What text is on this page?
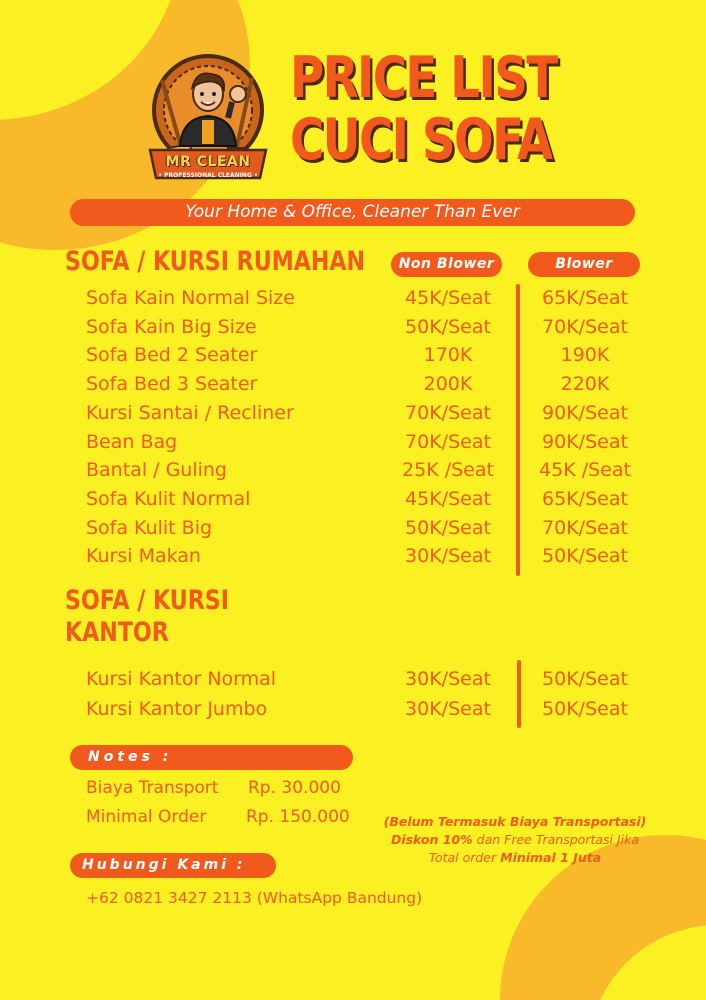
MR CLEAN
• PROFESSIONAL CLEANING •
PRICE LIST
CUCI SOFA
Your Home & Office, Cleaner Than Ever
SOFA / KURSI RUMAHAN	Non Blower	Blower
Sofa Kain Normal Size	45K/Seat	65K/Seat
Sofa Kain Big Size	50K/Seat	70K/Seat
Sofa Bed 2 Seater	170K	190K
Sofa Bed 3 Seater	200K	220K
Kursi Santai / Recliner	70K/Seat	90K/Seat
Bean Bag	70K/Seat	90K/Seat
Bantal / Guling	25K /Seat	45K /Seat
Sofa Kulit Normal	45K/Seat	65K/Seat
Sofa Kulit Big	50K/Seat	70K/Seat
Kursi Makan	30K/Seat	50K/Seat
SOFA / KURSI
KANTOR
Kursi Kantor Normal	30K/Seat	50K/Seat
Kursi Kantor Jumbo	30K/Seat	50K/Seat
Notes :
Biaya Transport Rp. 30.000
Minimal Order Rp. 150.000	(Belum Termasuk Biaya Transportasi)
Diskon 10% dan Free Transportasi Jika
Total order Minimal 1 Juta
Hubungi Kami :
+62 0821 3427 2113 (WhatsApp Bandung)
